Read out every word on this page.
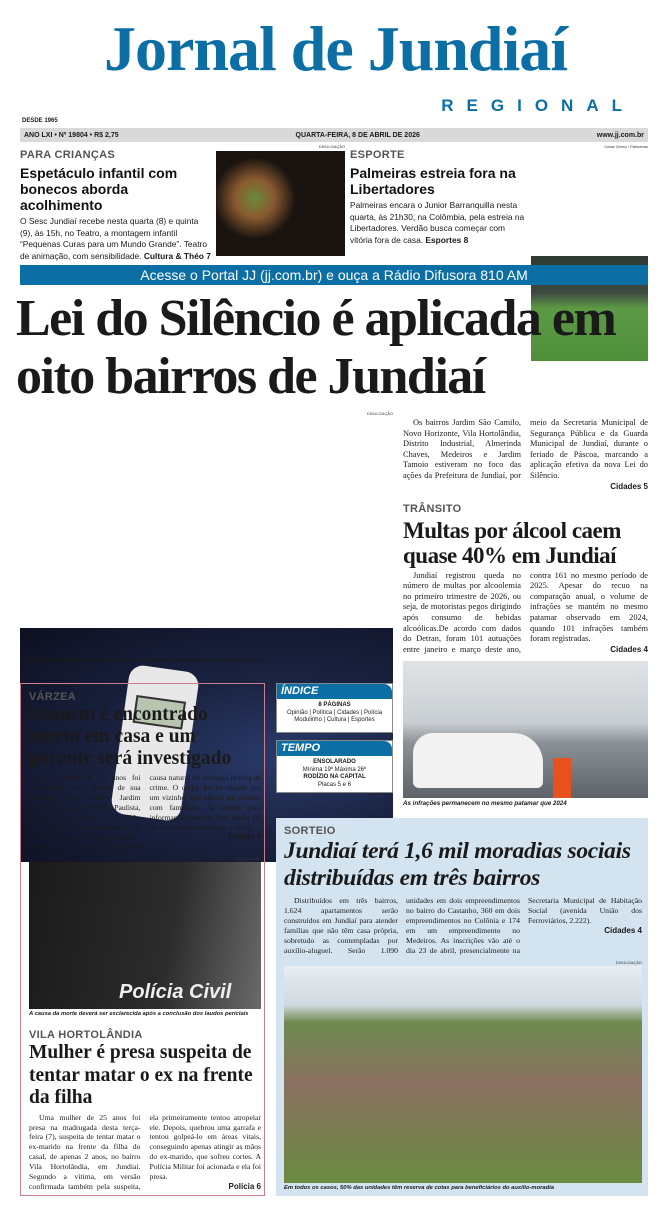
Jornal de Jundiaí
REGIONAL
DESDE 1965
ANO LXI • Nº 19804 • R$ 2,75	QUARTA-FEIRA, 8 DE ABRIL DE 2026	www.jj.com.br
PARA CRIANÇAS
Espetáculo infantil com bonecos aborda acolhimento
O Sesc Jundiaí recebe nesta quarta (8) e quinta (9), às 15h, no Teatro, a montagem infantil “Pequenas Curas para um Mundo Grande”. Teatro de animação, com sensibilidade. Cultura & Théo 7
DIVULGAÇÃO
ESPORTE
Palmeiras estreia fora na Libertadores
Palmeiras encara o Junior Barranquilla nesta quarta, às 21h30, na Colômbia, pela estreia na Libertadores. Verdão busca começar com vitória fora de casa. Esportes 8
Cesar Greco / Palmeiras
Acesse o Portal JJ (jj.com.br) e ouça a Rádio Difusora 810 AM
Lei do Silêncio é aplicada em oito bairros de Jundiaí
DIVULGAÇÃO
Prefeitura adquiriu 10 decibelímetros (sonômetros) e 20 agentes foram capacitados

Os bairros Jardim São Camilo, Novo Horizonte, Vila Hortolândia, Distrito Industrial, Almerinda Chaves, Medeiros e Jardim Tamoio estiveram no foco das ações da Prefeitura de Jundiaí, por meio da Secretaria Municipal de Segurança Pública e da Guarda Municipal de Jundiaí, durante o feriado de Páscoa, marcando a aplicação efetiva da nova Lei do Silêncio.

Cidades 5
TRÂNSITO
Multas por álcool caem quase 40% em Jundiaí

Jundiaí registrou queda no número de multas por alcoolemia no primeiro trimestre de 2026, ou seja, de motoristas pegos dirigindo após consumo de bebidas alcoólicas.De acordo com dados do Detran, foram 101 autuações entre janeiro e março deste ano, contra 161 no mesmo período de 2025. Apesar do recuo na comparação anual, o volume de infrações se mantém no mesmo patamar observado em 2024, quando 101 infrações também foram registradas.

Cidades 4
As infrações permanecem no mesmo patamar que 2024
VÁRZEA
Homem é encontrado morto em casa e um parente será investigado

Um homem de 53 anos foi encontrado morto dentro de sua residência no bairro Jardim América I, em Várzea Paulista, nesta segunda-feira (6). As circunstâncias da morte ainda são desconhecidas, não sendo possível afirmar, até o momento, se houve causa natural ou eventual prática de crime. O corpo foi localizado por um vizinho, que entrou em contato com familiares da vítima para informar a situação. Um irmão foi até o imóvel e confirmou o óbito.

Polícia 6
DIVULGAÇÃO
Polícia Civil
A causa da morte deverá ser esclarecida após a conclusão dos laudos periciais
VILA HORTOLÂNDIA
Mulher é presa suspeita de tentar matar o ex na frente da filha

Uma mulher de 25 anos foi presa na madrugada desta terça-feira (7), suspeita de tentar matar o ex-marido na frente da filha do casal, de apenas 2 anos, no bairro Vila Hortolândia, em Jundiaí. Segundo a vítima, em versão confirmada também pela suspeita, ela primeiramente tentou atropelar ele. Depois, quebrou uma garrafa e tentou golpeá-lo em áreas vitais, conseguindo apenas atingir as mãos do ex-marido, que sofreu cortes. A Polícia Militar foi acionada e ela foi presa.

Polícia 6
ÍNDICE
8 PÁGINAS
Opinião | Política | Cidades | Polícia Modulinho | Cultura | Esportes
TEMPO
ENSOLARADO
Mínima 19º Máxima 26º
RODÍZIO NA CAPITAL
Placas 5 e 6
SORTEIO
Jundiaí terá 1,6 mil moradias sociais distribuídas em três bairros

Distribuídos em três bairros, 1.624 apartamentos serão construídos em Jundiaí para atender famílias que não têm casa própria, sobretudo as contempladas por auxílio-aluguel. Serão 1.090 unidades em dois empreendimentos no bairro do Castanho, 360 em dois empreendimentos no Colônia e 174 em um empreendimento no Medeiros. As inscrições vão até o dia 23 de abril, presencialmente na Secretaria Municipal de Habitação Social (avenida União dos Ferroviários, 2.222).

Cidades 4
DIVULGAÇÃO
Em todos os casos, 50% das unidades têm reserva de cotas para beneficiários do auxílio-moradia
